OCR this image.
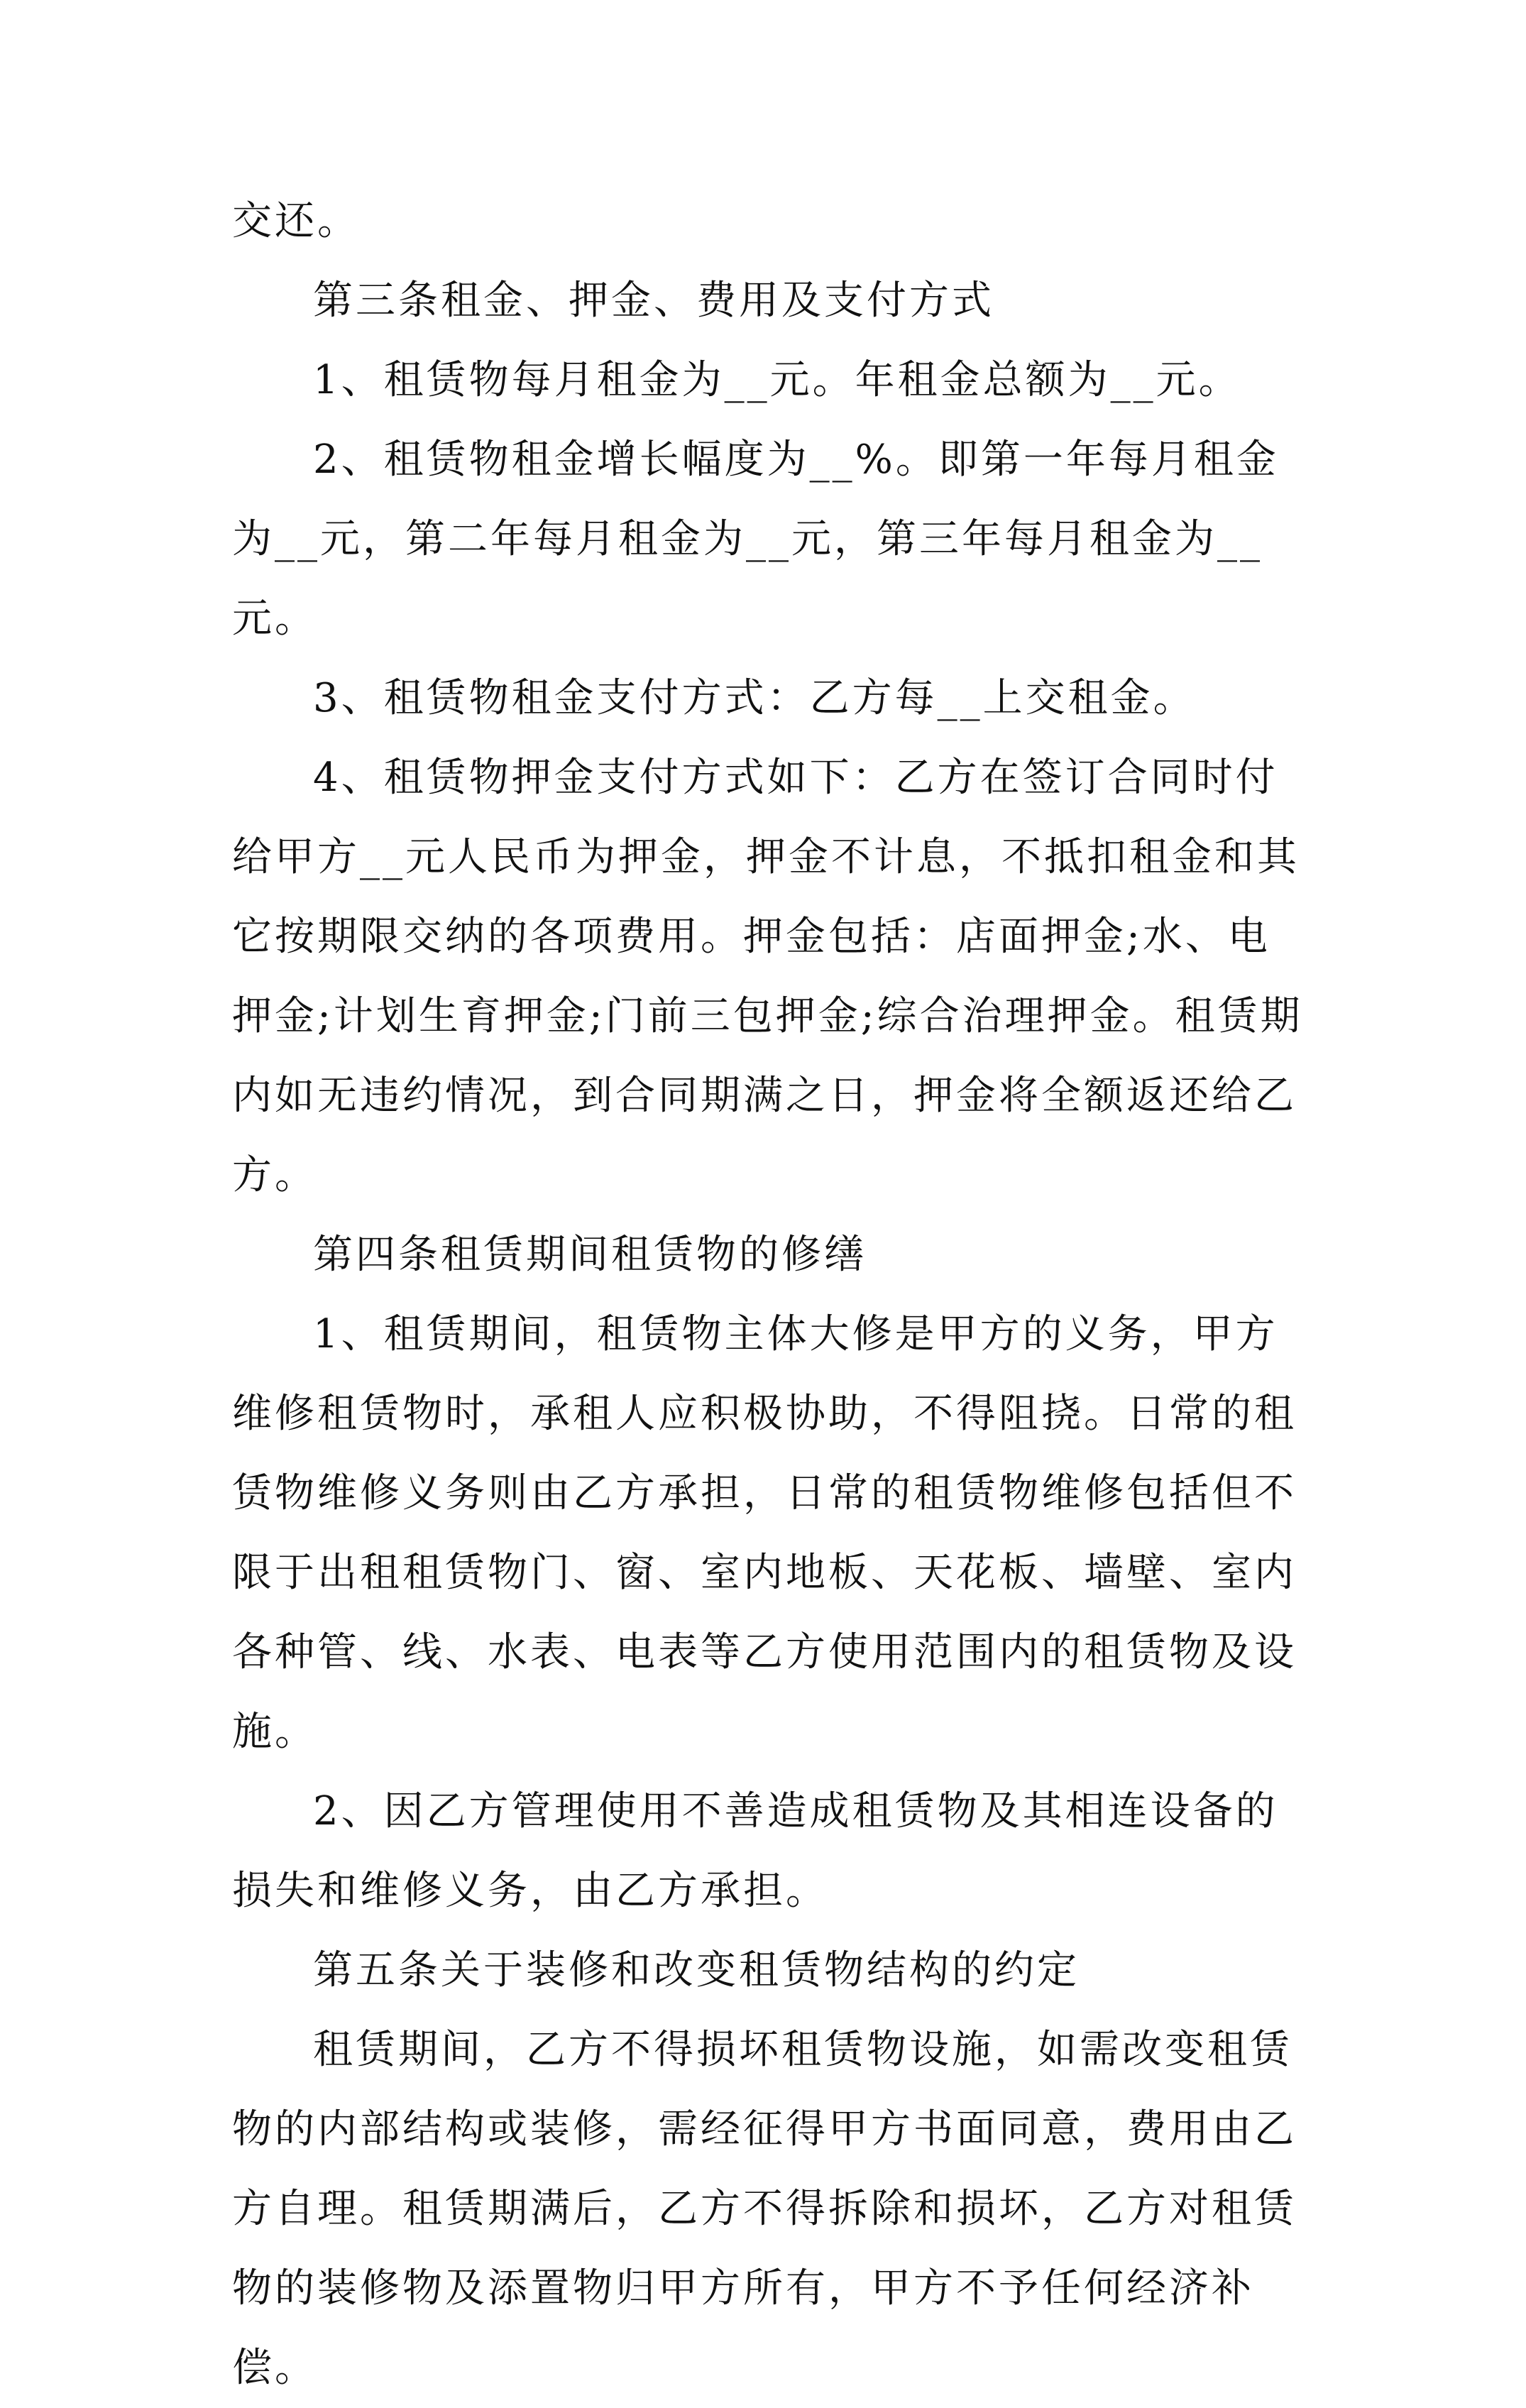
交还。

第三条租金、押金、费用及支付方式

1、租赁物每月租金为__元。年租金总额为__元。

2、租赁物租金增长幅度为__%。即第一年每月租金为__元，第二年每月租金为__元，第三年每月租金为__元。

3、租赁物租金支付方式：乙方每__上交租金。

4、租赁物押金支付方式如下：乙方在签订合同时付给甲方__元人民币为押金，押金不计息，不抵扣租金和其它按期限交纳的各项费用。押金包括：店面押金;水、电押金;计划生育押金;门前三包押金;综合治理押金。租赁期内如无违约情况，到合同期满之日，押金将全额返还给乙方。

第四条租赁期间租赁物的修缮

1、租赁期间，租赁物主体大修是甲方的义务，甲方维修租赁物时，承租人应积极协助，不得阻挠。日常的租赁物维修义务则由乙方承担，日常的租赁物维修包括但不限于出租租赁物门、窗、室内地板、天花板、墙壁、室内各种管、线、水表、电表等乙方使用范围内的租赁物及设施。

2、因乙方管理使用不善造成租赁物及其相连设备的损失和维修义务，由乙方承担。

第五条关于装修和改变租赁物结构的约定

租赁期间，乙方不得损坏租赁物设施，如需改变租赁物的内部结构或装修，需经征得甲方书面同意，费用由乙方自理。租赁期满后，乙方不得拆除和损坏，乙方对租赁物的装修物及添置物归甲方所有，甲方不予任何经济补偿。
